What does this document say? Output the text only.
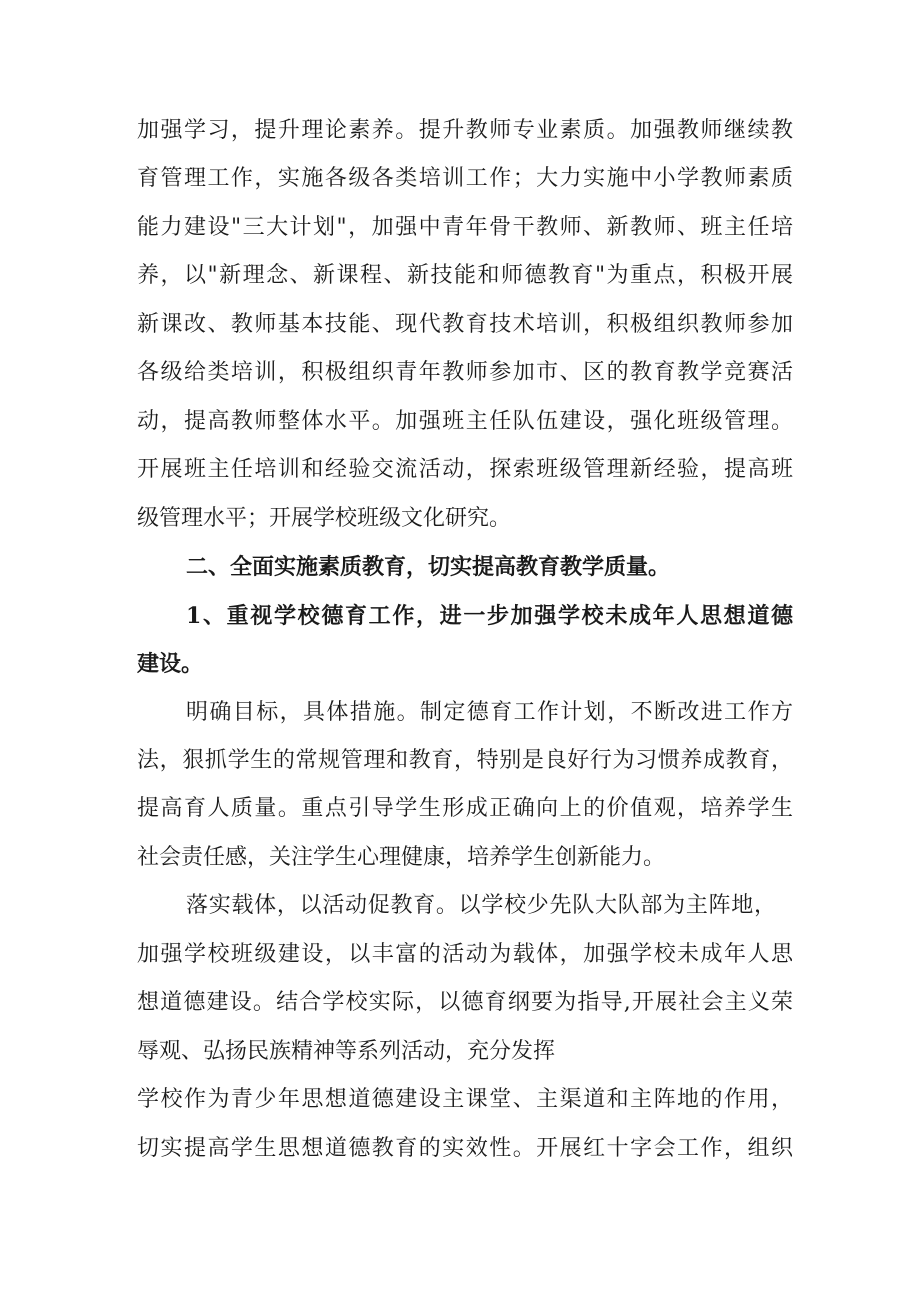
加强学习，提升理论素养。提升教师专业素质。加强教师继续教
育管理工作，实施各级各类培训工作；大力实施中小学教师素质
能力建设"三大计划"，加强中青年骨干教师、新教师、班主任培
养，以"新理念、新课程、新技能和师德教育"为重点，积极开展
新课改、教师基本技能、现代教育技术培训，积极组织教师参加
各级给类培训，积极组织青年教师参加市、区的教育教学竞赛活
动，提高教师整体水平。加强班主任队伍建设，强化班级管理。
开展班主任培训和经验交流活动，探索班级管理新经验，提高班
级管理水平；开展学校班级文化研究。
二、全面实施素质教育，切实提高教育教学质量。
1、重视学校德育工作，进一步加强学校未成年人思想道德
建设。
明确目标，具体措施。制定德育工作计划，不断改进工作方
法，狠抓学生的常规管理和教育，特别是良好行为习惯养成教育，
提高育人质量。重点引导学生形成正确向上的价值观，培养学生
社会责任感，关注学生心理健康，培养学生创新能力。
落实载体，以活动促教育。以学校少先队大队部为主阵地，
加强学校班级建设，以丰富的活动为载体，加强学校未成年人思
想道德建设。结合学校实际，以德育纲要为指导,开展社会主义荣
辱观、弘扬民族精神等系列活动，充分发挥
学校作为青少年思想道德建设主课堂、主渠道和主阵地的作用，
切实提高学生思想道德教育的实效性。开展红十字会工作，组织
